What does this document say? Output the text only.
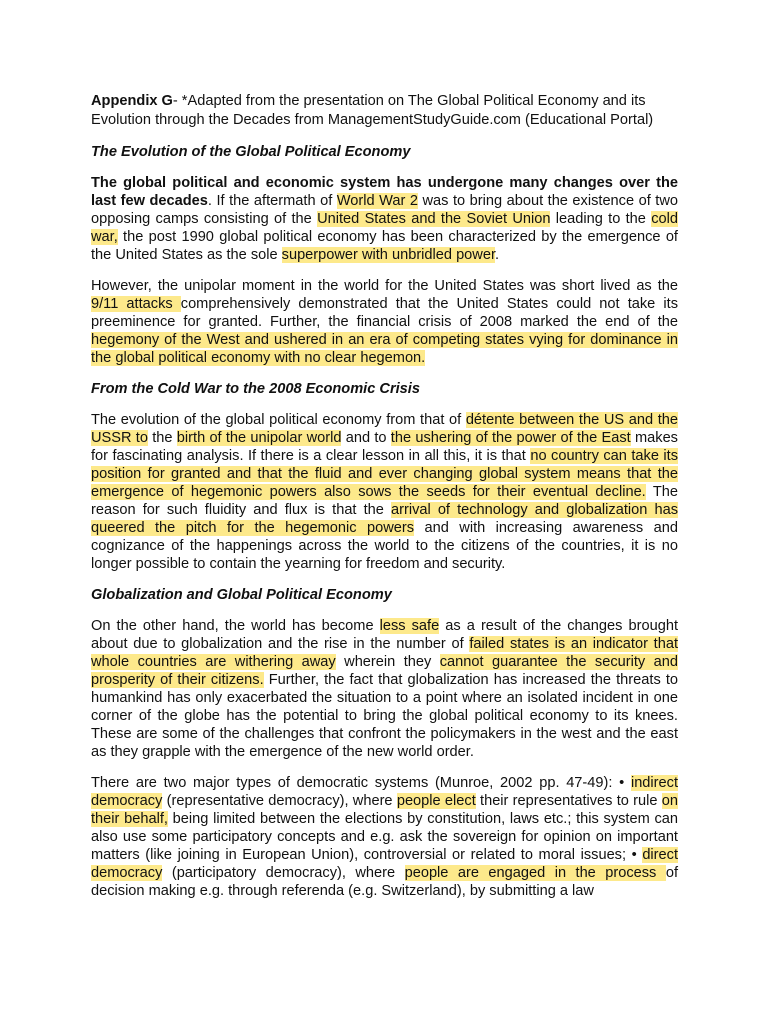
Appendix G- *Adapted from the presentation on The Global Political Economy and its Evolution through the Decades from ManagementStudyGuide.com (Educational Portal)

The Evolution of the Global Political Economy

The global political and economic system has undergone many changes over the last few decades. If the aftermath of World War 2 was to bring about the existence of two opposing camps consisting of the United States and the Soviet Union leading to the cold war, the post 1990 global political economy has been characterized by the emergence of the United States as the sole superpower with unbridled power.

However, the unipolar moment in the world for the United States was short lived as the 9/11 attacks comprehensively demonstrated that the United States could not take its preeminence for granted. Further, the financial crisis of 2008 marked the end of the hegemony of the West and ushered in an era of competing states vying for dominance in the global political economy with no clear hegemon.

From the Cold War to the 2008 Economic Crisis

The evolution of the global political economy from that of détente between the US and the USSR to the birth of the unipolar world and to the ushering of the power of the East makes for fascinating analysis. If there is a clear lesson in all this, it is that no country can take its position for granted and that the fluid and ever changing global system means that the emergence of hegemonic powers also sows the seeds for their eventual decline. The reason for such fluidity and flux is that the arrival of technology and globalization has queered the pitch for the hegemonic powers and with increasing awareness and cognizance of the happenings across the world to the citizens of the countries, it is no longer possible to contain the yearning for freedom and security.

Globalization and Global Political Economy

On the other hand, the world has become less safe as a result of the changes brought about due to globalization and the rise in the number of failed states is an indicator that whole countries are withering away wherein they cannot guarantee the security and prosperity of their citizens. Further, the fact that globalization has increased the threats to humankind has only exacerbated the situation to a point where an isolated incident in one corner of the globe has the potential to bring the global political economy to its knees. These are some of the challenges that confront the policymakers in the west and the east as they grapple with the emergence of the new world order.

There are two major types of democratic systems (Munroe, 2002 pp. 47-49): • indirect democracy (representative democracy), where people elect their representatives to rule on their behalf, being limited between the elections by constitution, laws etc.; this system can also use some participatory concepts and e.g. ask the sovereign for opinion on important matters (like joining in European Union), controversial or related to moral issues; • direct democracy (participatory democracy), where people are engaged in the process of decision making e.g. through referenda (e.g. Switzerland), by submitting a law
